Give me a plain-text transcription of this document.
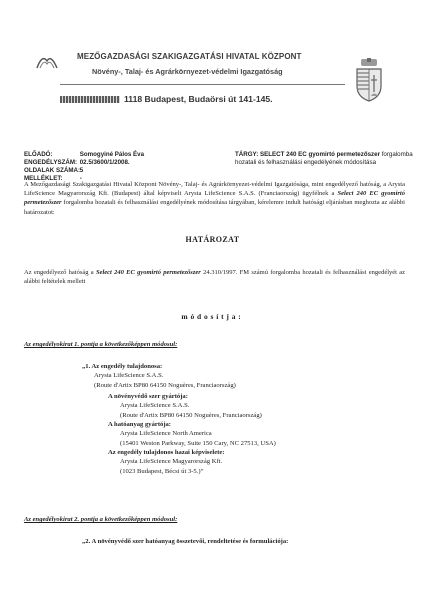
MEZŐGAZDASÁGI SZAKIGAZGATÁSI HIVATAL KÖZPONT
Növény-, Talaj- és Agrárkörnyezet-védelmi Igazgatóság
1118 Budapest, Budaörsi út 141-145.
ELŐADÓ:	Somogyiné Pálos Éva
ENGEDÉLYSZÁM: 02.5/3600/1/2008.
OLDALAK SZÁMA: 5
MELLÉKLET:	-
TÁRGY: SELECT 240 EC gyomirtó permetezőszer forgalomba hozatali és felhasználási engedélyének módosítása
A Mezőgazdasági Szakigazgatási Hivatal Központ Növény-, Talaj- és Agrárkörnyezet-védelmi Igazgatósága, mint engedélyező hatóság, a Arysta LifeScience Magyarország Kft. (Budapest) által képviselt Arysta LifeScience S.A.S. (Franciaország) ügyfélnek a Select 240 EC gyomirtó permetezőszer forgalomba hozatali és felhasználási engedélyének módosítása tárgyában, kérelemre indult hatósági eljárásban meghozta az alábbi határozatot:
HATÁROZAT
Az engedélyező hatóság a Select 240 EC gyomirtó permetezőszer 24.310/1997. FM számú forgalomba hozatali és felhasználási engedélyét az alábbi feltételek mellett
módosítja:
Az engedélyokirat 1. pontja a következőképpen módosul:
„1. Az engedély tulajdonosa:
Arysta LifeScience S.A.S.
(Route d'Artix BP80 64150 Noguères, Franciaország)
A növényvédő szer gyártója:
Arysta LifeScience S.A.S.
(Route d'Artix BP80 64150 Noguères, Franciaország)
A hatóanyag gyártója:
Arysta LifeScience North America
(15401 Weston Parkway, Suite 150 Cary, NC 27513, USA)
Az engedély tulajdonos hazai képviselete:
Arysta LifeScience Magyarország Kft.
(1023 Budapest, Bécsi út 3-5.)”
Az engedélyokirat 2. pontja a következőképpen módosul:
„2. A növényvédő szer hatóanyag összetevői, rendeltetése és formulációja:
